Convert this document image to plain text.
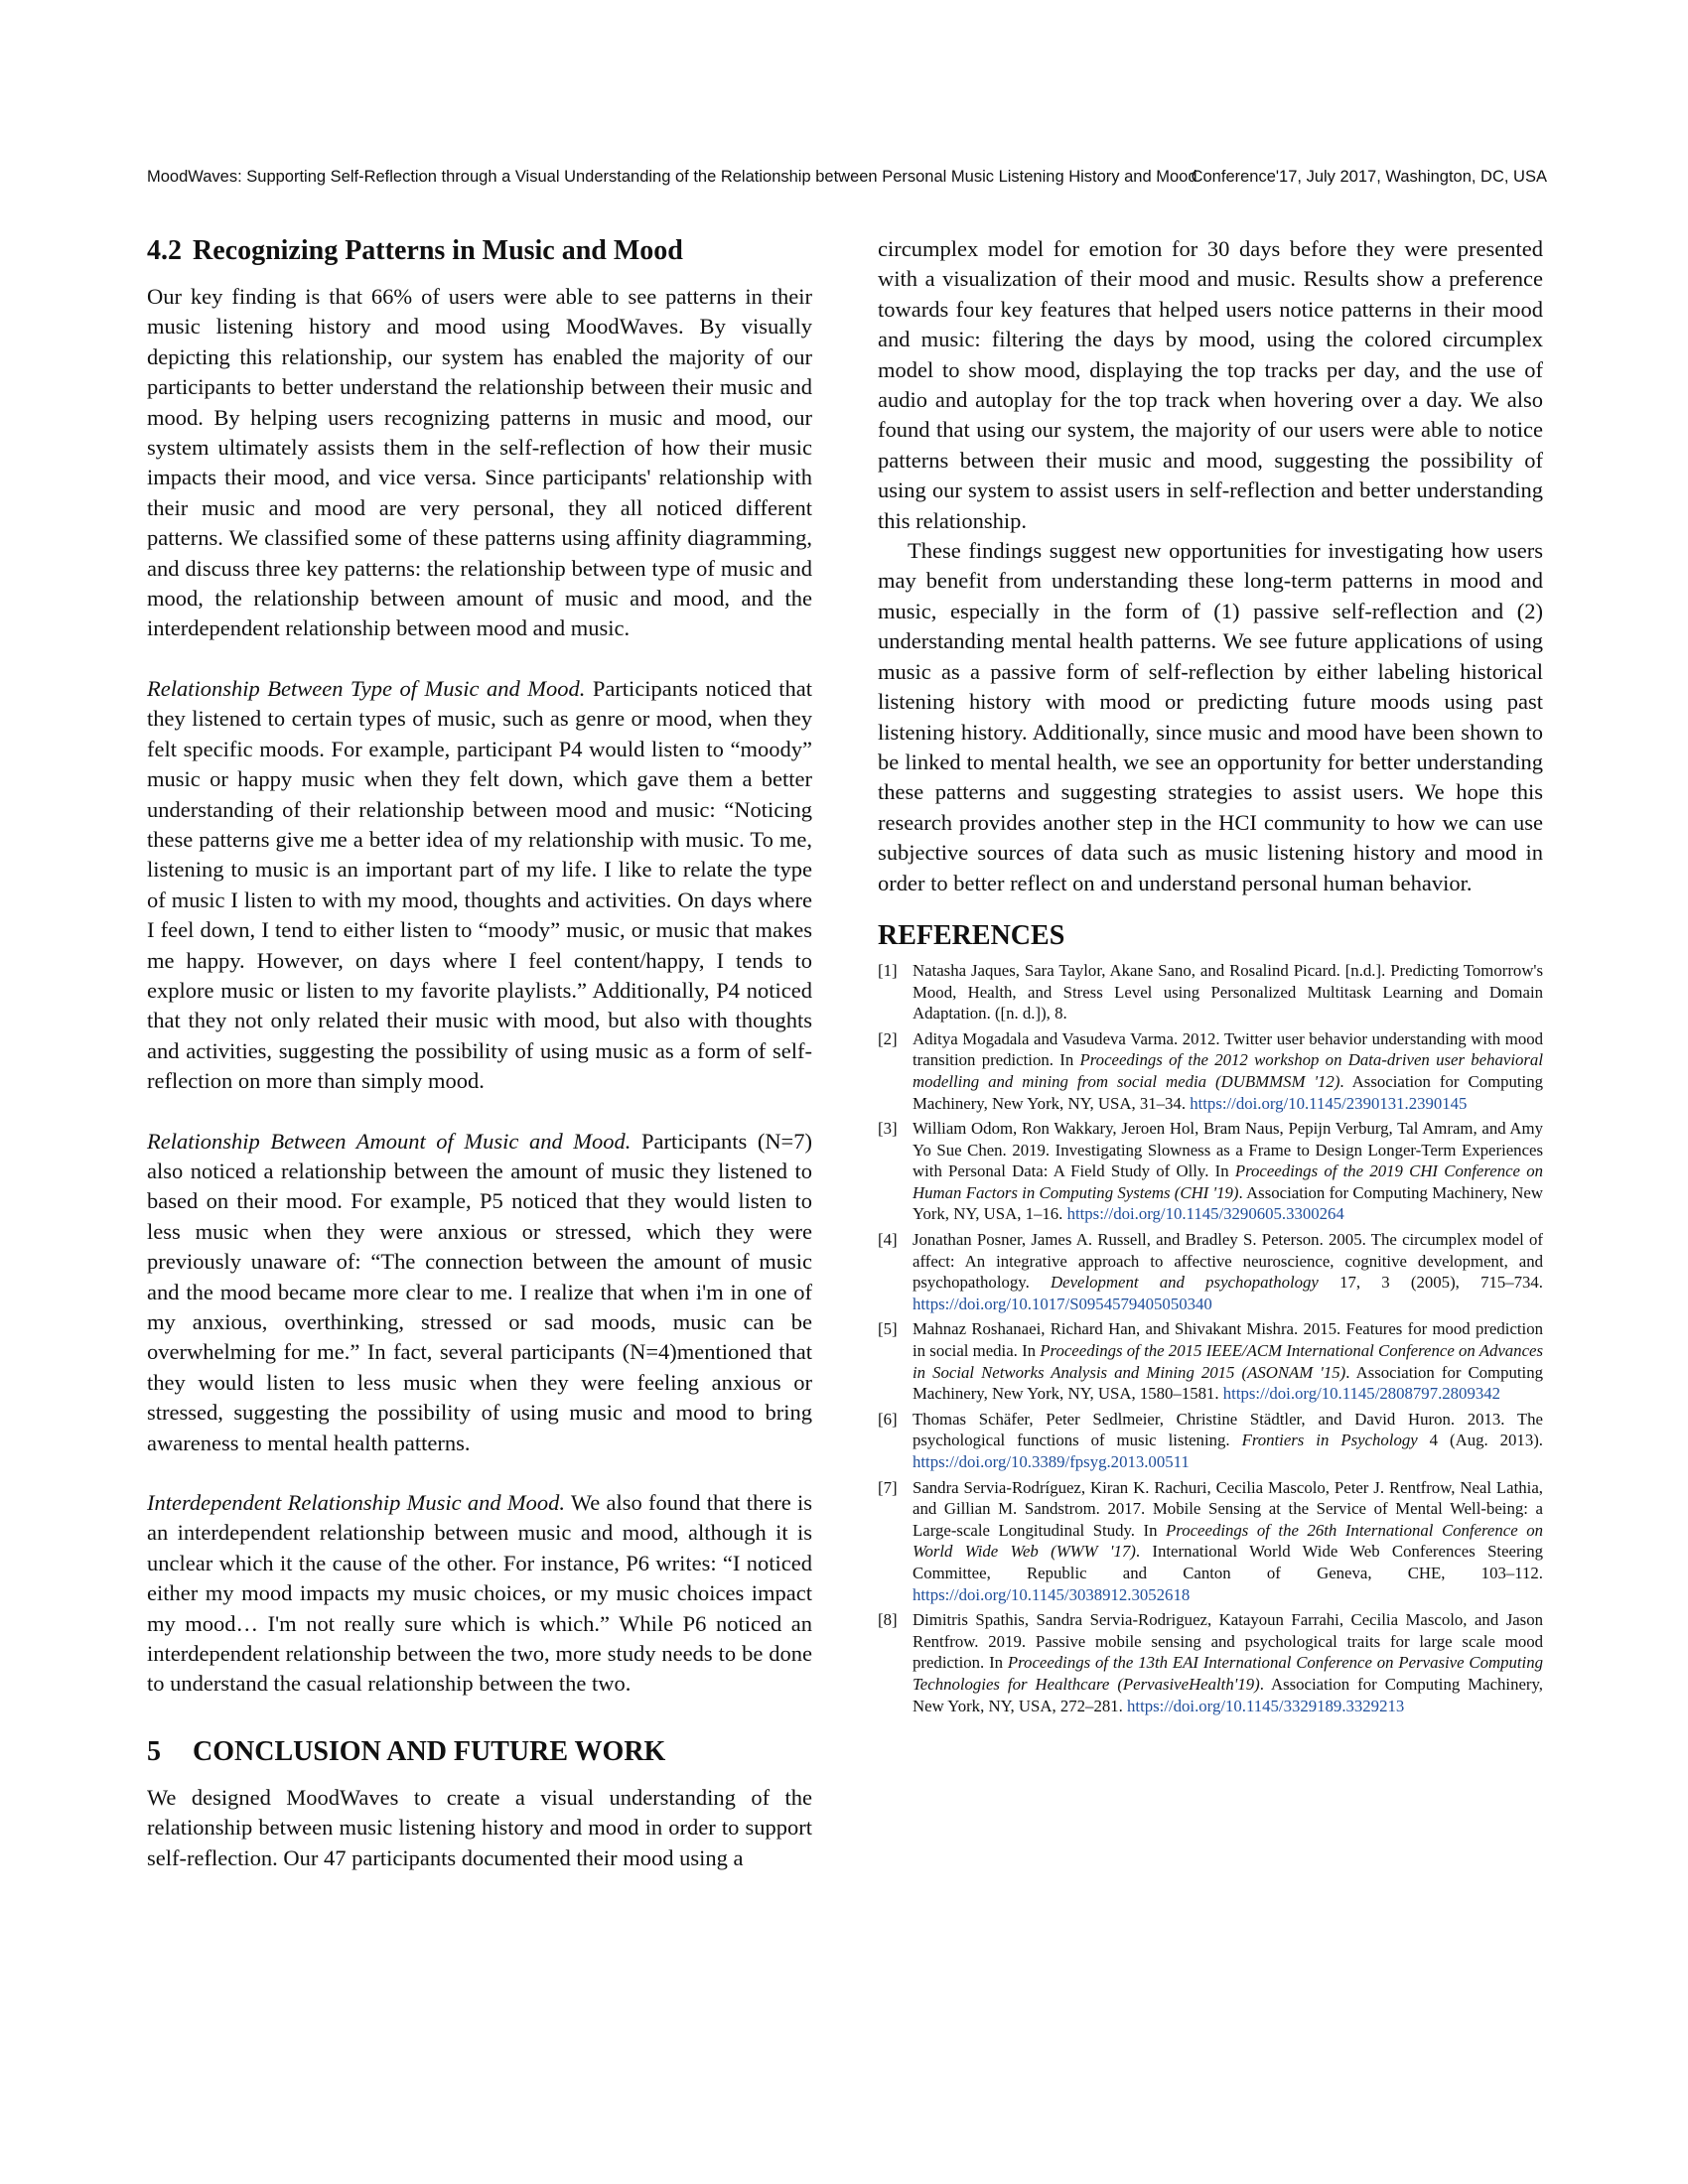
MoodWaves: Supporting Self-Reflection through a Visual Understanding of the Relationship between Personal Music Listening History and Mood
Conference'17, July 2017, Washington, DC, USA
4.2 Recognizing Patterns in Music and Mood

Our key finding is that 66% of users were able to see patterns in their music listening history and mood using MoodWaves. By visually depicting this relationship, our system has enabled the majority of our participants to better understand the relationship between their music and mood. By helping users recognizing patterns in music and mood, our system ultimately assists them in the self-reflection of how their music impacts their mood, and vice versa. Since participants' relationship with their music and mood are very personal, they all noticed different patterns. We classified some of these patterns using affinity diagramming, and discuss three key patterns: the relationship between type of music and mood, the relationship between amount of music and mood, and the interdependent relationship between mood and music.

Relationship Between Type of Music and Mood. Participants noticed that they listened to certain types of music, such as genre or mood, when they felt specific moods. For example, participant P4 would listen to “moody” music or happy music when they felt down, which gave them a better understanding of their relationship between mood and music: “Noticing these patterns give me a better idea of my relationship with music. To me, listening to music is an important part of my life. I like to relate the type of music I listen to with my mood, thoughts and activities. On days where I feel down, I tend to either listen to “moody” music, or music that makes me happy. However, on days where I feel content/happy, I tends to explore music or listen to my favorite playlists.” Additionally, P4 noticed that they not only related their music with mood, but also with thoughts and activities, suggesting the possibility of using music as a form of self-reflection on more than simply mood.

Relationship Between Amount of Music and Mood. Participants (N=7) also noticed a relationship between the amount of music they listened to based on their mood. For example, P5 noticed that they would listen to less music when they were anxious or stressed, which they were previously unaware of: “The connection between the amount of music and the mood became more clear to me. I realize that when i'm in one of my anxious, overthinking, stressed or sad moods, music can be overwhelming for me.” In fact, several participants (N=4)mentioned that they would listen to less music when they were feeling anxious or stressed, suggesting the possibility of using music and mood to bring awareness to mental health patterns.

Interdependent Relationship Music and Mood. We also found that there is an interdependent relationship between music and mood, although it is unclear which it the cause of the other. For instance, P6 writes: “I noticed either my mood impacts my music choices, or my music choices impact my mood… I'm not really sure which is which.” While P6 noticed an interdependent relationship between the two, more study needs to be done to understand the casual relationship between the two.

5 CONCLUSION AND FUTURE WORK

We designed MoodWaves to create a visual understanding of the relationship between music listening history and mood in order to support self-reflection. Our 47 participants documented their mood using a

circumplex model for emotion for 30 days before they were presented with a visualization of their mood and music. Results show a preference towards four key features that helped users notice patterns in their mood and music: filtering the days by mood, using the colored circumplex model to show mood, displaying the top tracks per day, and the use of audio and autoplay for the top track when hovering over a day. We also found that using our system, the majority of our users were able to notice patterns between their music and mood, suggesting the possibility of using our system to assist users in self-reflection and better understanding this relationship.

These findings suggest new opportunities for investigating how users may benefit from understanding these long-term patterns in mood and music, especially in the form of (1) passive self-reflection and (2) understanding mental health patterns. We see future applications of using music as a passive form of self-reflection by either labeling historical listening history with mood or predicting future moods using past listening history. Additionally, since music and mood have been shown to be linked to mental health, we see an opportunity for better understanding these patterns and suggesting strategies to assist users. We hope this research provides another step in the HCI community to how we can use subjective sources of data such as music listening history and mood in order to better reflect on and understand personal human behavior.

REFERENCES
[1] Natasha Jaques, Sara Taylor, Akane Sano, and Rosalind Picard. [n.d.]. Predicting Tomorrow's Mood, Health, and Stress Level using Personalized Multitask Learning and Domain Adaptation. ([n. d.]), 8.
[2] Aditya Mogadala and Vasudeva Varma. 2012. Twitter user behavior understanding with mood transition prediction. In Proceedings of the 2012 workshop on Data-driven user behavioral modelling and mining from social media (DUBMMSM '12). Association for Computing Machinery, New York, NY, USA, 31–34. https://doi.org/10.1145/2390131.2390145
[3] William Odom, Ron Wakkary, Jeroen Hol, Bram Naus, Pepijn Verburg, Tal Amram, and Amy Yo Sue Chen. 2019. Investigating Slowness as a Frame to Design Longer-Term Experiences with Personal Data: A Field Study of Olly. In Proceedings of the 2019 CHI Conference on Human Factors in Computing Systems (CHI '19). Association for Computing Machinery, New York, NY, USA, 1–16. https://doi.org/10.1145/3290605.3300264
[4] Jonathan Posner, James A. Russell, and Bradley S. Peterson. 2005. The circumplex model of affect: An integrative approach to affective neuroscience, cognitive development, and psychopathology. Development and psychopathology 17, 3 (2005), 715–734. https://doi.org/10.1017/S0954579405050340
[5] Mahnaz Roshanaei, Richard Han, and Shivakant Mishra. 2015. Features for mood prediction in social media. In Proceedings of the 2015 IEEE/ACM International Conference on Advances in Social Networks Analysis and Mining 2015 (ASONAM '15). Association for Computing Machinery, New York, NY, USA, 1580–1581. https://doi.org/10.1145/2808797.2809342
[6] Thomas Schäfer, Peter Sedlmeier, Christine Städtler, and David Huron. 2013. The psychological functions of music listening. Frontiers in Psychology 4 (Aug. 2013). https://doi.org/10.3389/fpsyg.2013.00511
[7] Sandra Servia-Rodríguez, Kiran K. Rachuri, Cecilia Mascolo, Peter J. Rentfrow, Neal Lathia, and Gillian M. Sandstrom. 2017. Mobile Sensing at the Service of Mental Well-being: a Large-scale Longitudinal Study. In Proceedings of the 26th International Conference on World Wide Web (WWW '17). International World Wide Web Conferences Steering Committee, Republic and Canton of Geneva, CHE, 103–112. https://doi.org/10.1145/3038912.3052618
[8] Dimitris Spathis, Sandra Servia-Rodriguez, Katayoun Farrahi, Cecilia Mascolo, and Jason Rentfrow. 2019. Passive mobile sensing and psychological traits for large scale mood prediction. In Proceedings of the 13th EAI International Conference on Pervasive Computing Technologies for Healthcare (PervasiveHealth'19). Association for Computing Machinery, New York, NY, USA, 272–281. https://doi.org/10.1145/3329189.3329213
